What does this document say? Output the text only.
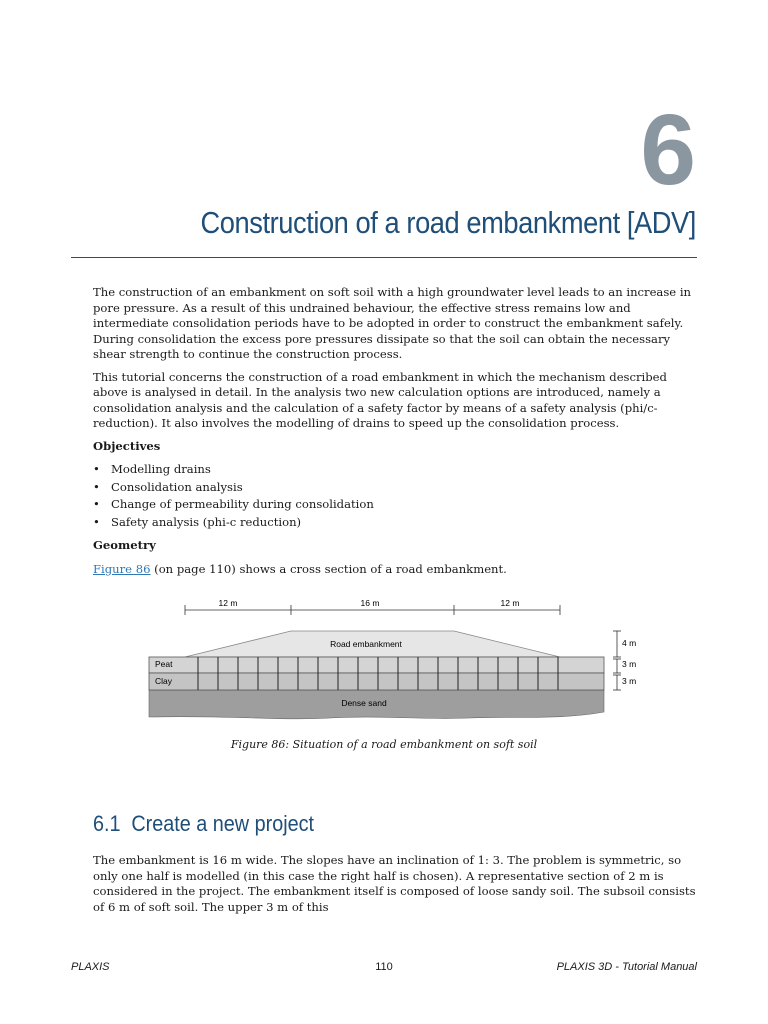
6
Construction of a road embankment [ADV]

The construction of an embankment on soft soil with a high groundwater level leads to an increase in pore pressure. As a result of this undrained behaviour, the effective stress remains low and intermediate consolidation periods have to be adopted in order to construct the embankment safely. During consolidation the excess pore pressures dissipate so that the soil can obtain the necessary shear strength to continue the construction process.

This tutorial concerns the construction of a road embankment in which the mechanism described above is analysed in detail. In the analysis two new calculation options are introduced, namely a consolidation analysis and the calculation of a safety factor by means of a safety analysis (phi/c-reduction). It also involves the modelling of drains to speed up the consolidation process.

Objectives

• Modelling drains
• Consolidation analysis
• Change of permeability during consolidation
• Safety analysis (phi-c reduction)

Geometry

Figure 86 (on page 110) shows a cross section of a road embankment.

12 m	16 m	12 m
Road embankment
Dense sand
Peat
Clay
4 m
3 m
3 m
Figure 86: Situation of a road embankment on soft soil
6.1 Create a new project

The embankment is 16 m wide. The slopes have an inclination of 1: 3. The problem is symmetric, so only one half is modelled (in this case the right half is chosen). A representative section of 2 m is considered in the project. The embankment itself is composed of loose sandy soil. The subsoil consists of 6 m of soft soil. The upper 3 m of this

PLAXIS	110	PLAXIS 3D - Tutorial Manual
